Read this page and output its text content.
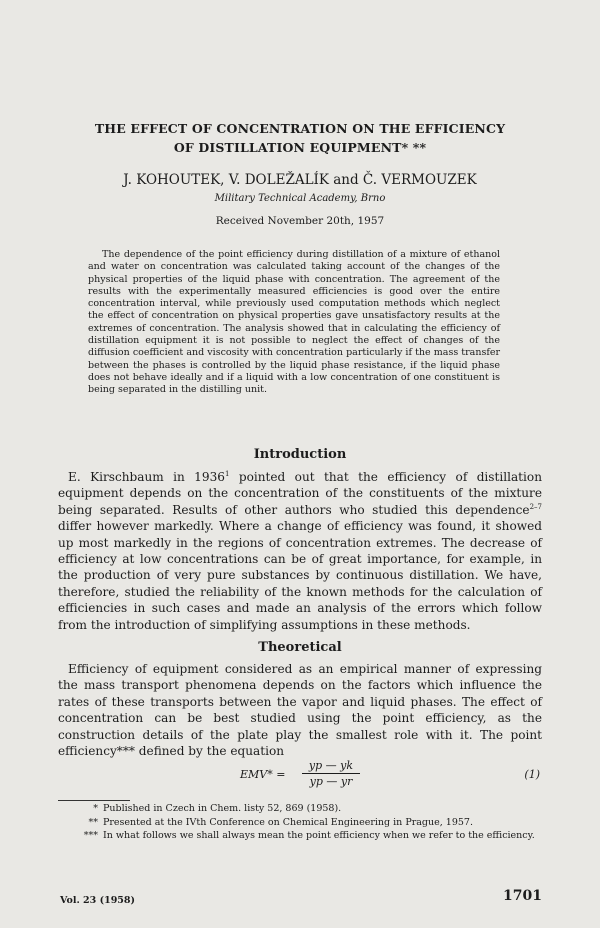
THE EFFECT OF CONCENTRATION ON THE EFFICIENCY
OF DISTILLATION EQUIPMENT* **
J. KOHOUTEK, V. DOLEŽALÍK and Č. VERMOUZEK
Military Technical Academy, Brno
Received November 20th, 1957

The dependence of the point efficiency during distillation of a mixture of ethanol and water on concentration was calculated taking account of the changes of the physical properties of the liquid phase with concentration. The agreement of the results with the experimentally measured efficiencies is good over the entire concentration interval, while previously used computation methods which neglect the effect of concentration on physical properties gave unsatisfactory results at the extremes of concentration. The analysis showed that in calculating the efficiency of distillation equipment it is not possible to neglect the effect of changes of the diffusion coefficient and viscosity with concentration particularly if the mass transfer between the phases is controlled by the liquid phase resistance, if the liquid phase does not behave ideally and if a liquid with a low concentration of one constituent is being separated in the distilling unit.

Introduction

E. Kirschbaum in 1936$^1$ pointed out that the efficiency of distillation equipment depends on the concentration of the constituents of the mixture being separated. Results of other authors who studied this dependence$^{2-7}$ differ however markedly. Where a change of efficiency was found, it showed up most markedly in the regions of concentration extremes. The decrease of efficiency at low concentrations can be of great importance, for example, in the production of very pure substances by continuous distillation. We have, therefore, studied the reliability of the known methods for the calculation of efficiencies in such cases and made an analysis of the errors which follow from the introduction of simplifying assumptions in these methods.

Theoretical

Efficiency of equipment considered as an empirical manner of expressing the mass transport phenomena depends on the factors which influence the rates of these transports between the vapor and liquid phases. The effect of concentration can be best studied using the point efficiency, as the construction details of the plate play the smallest role with it. The point efficiency*** defined by the equation

$EMV* = \frac{yp — yk}{yp — yr}$	(1)
* Published in Czech in Chem. listy 52, 869 (1958).
** Presented at the IVth Conference on Chemical Engineering in Prague, 1957.
*** In what follows we shall always mean the point efficiency when we refer to the efficiency.
Vol. 23 (1958)	1701
